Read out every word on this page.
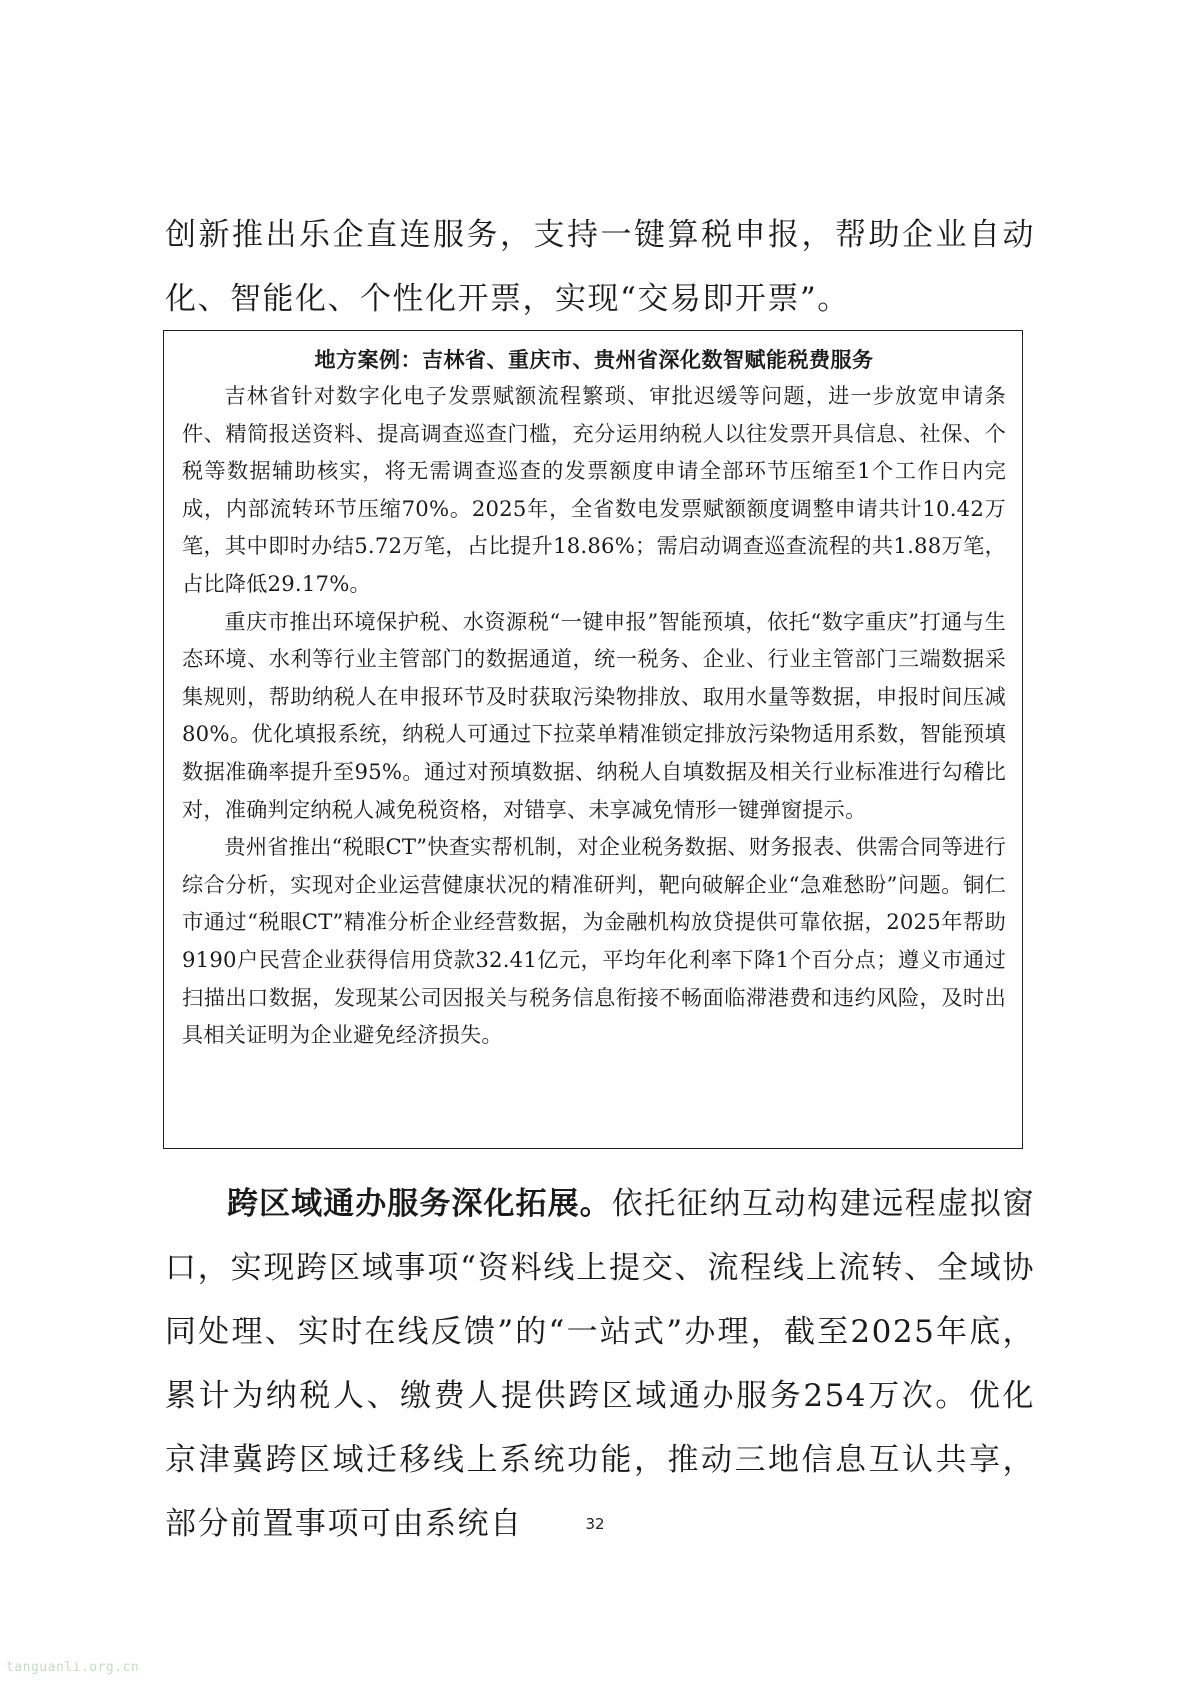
创新推出乐企直连服务，支持一键算税申报，帮助企业自动化、智能化、个性化开票，实现“交易即开票”。

地方案例：吉林省、重庆市、贵州省深化数智赋能税费服务

吉林省针对数字化电子发票赋额流程繁琐、审批迟缓等问题，进一步放宽申请条件、精简报送资料、提高调查巡查门槛，充分运用纳税人以往发票开具信息、社保、个税等数据辅助核实，将无需调查巡查的发票额度申请全部环节压缩至1个工作日内完成，内部流转环节压缩70%。2025年，全省数电发票赋额额度调整申请共计10.42万笔，其中即时办结5.72万笔，占比提升18.86%；需启动调查巡查流程的共1.88万笔，占比降低29.17%。

重庆市推出环境保护税、水资源税“一键申报”智能预填，依托“数字重庆”打通与生态环境、水利等行业主管部门的数据通道，统一税务、企业、行业主管部门三端数据采集规则，帮助纳税人在申报环节及时获取污染物排放、取用水量等数据，申报时间压减80%。优化填报系统，纳税人可通过下拉菜单精准锁定排放污染物适用系数，智能预填数据准确率提升至95%。通过对预填数据、纳税人自填数据及相关行业标准进行勾稽比对，准确判定纳税人减免税资格，对错享、未享减免情形一键弹窗提示。

贵州省推出“税眼CT”快查实帮机制，对企业税务数据、财务报表、供需合同等进行综合分析，实现对企业运营健康状况的精准研判，靶向破解企业“急难愁盼”问题。铜仁市通过“税眼CT”精准分析企业经营数据，为金融机构放贷提供可靠依据，2025年帮助9190户民营企业获得信用贷款32.41亿元，平均年化利率下降1个百分点；遵义市通过扫描出口数据，发现某公司因报关与税务信息衔接不畅面临滞港费和违约风险，及时出具相关证明为企业避免经济损失。

跨区域通办服务深化拓展。依托征纳互动构建远程虚拟窗口，实现跨区域事项“资料线上提交、流程线上流转、全域协同处理、实时在线反馈”的“一站式”办理，截至2025年底，累计为纳税人、缴费人提供跨区域通办服务254万次。优化京津冀跨区域迁移线上系统功能，推动三地信息互认共享，部分前置事项可由系统自	32
tanguanli.org.cn
